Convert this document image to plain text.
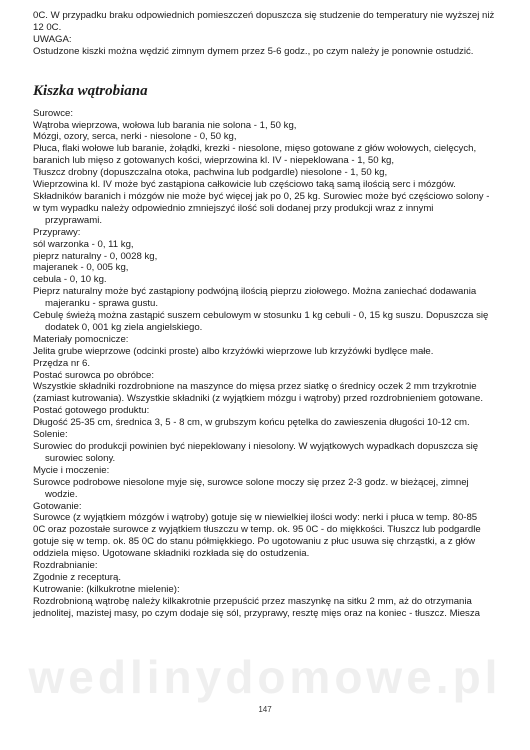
0C. W przypadku braku odpowiednich pomieszczeń dopuszcza się studzenie do temperatury nie wyższej niż

12 0C.

UWAGA:

Ostudzone kiszki można wędzić zimnym dymem przez 5-6 godz., po czym należy je ponownie ostudzić.

Kiszka wątrobiana

Surowce:

Wątroba wieprzowa, wołowa lub barania nie solona - 1, 50 kg,

Mózgi, ozory, serca, nerki - niesolone - 0, 50 kg,

Płuca, flaki wołowe lub baranie, żołądki, krezki - niesolone, mięso gotowane z głów wołowych, cielęcych,

baranich lub mięso z gotowanych kości, wieprzowina kl. IV - niepeklowana - 1, 50 kg,

Tłuszcz drobny (dopuszczalna otoka, pachwina lub podgardle) niesolone - 1, 50 kg,

Wieprzowina kl. IV może być zastąpiona całkowicie lub częściowo taką samą ilością serc i mózgów.

Składników baranich i mózgów nie może być więcej jak po 0, 25 kg. Surowiec może być częściowo solony -

w tym wypadku należy odpowiednio zmniejszyć ilość soli dodanej przy produkcji wraz z innymi

przyprawami.

Przyprawy:

sól warzonka - 0, 11 kg,

pieprz naturalny - 0, 0028 kg,

majeranek - 0, 005 kg,

cebula - 0, 10 kg.

Pieprz naturalny może być zastąpiony podwójną ilością pieprzu ziołowego. Można zaniechać dodawania

majeranku - sprawa gustu.

Cebulę świeżą można zastąpić suszem cebulowym w stosunku 1 kg cebuli - 0, 15 kg suszu. Dopuszcza się

dodatek 0, 001 kg ziela angielskiego.

Materiały pomocnicze:

Jelita grube wieprzowe (odcinki proste) albo krzyżówki wieprzowe lub krzyżówki bydlęce małe.

Przędza nr 6.

Postać surowca po obróbce:

Wszystkie składniki rozdrobnione na maszynce do mięsa przez siatkę o średnicy oczek 2 mm trzykrotnie

(zamiast kutrowania). Wszystkie składniki (z wyjątkiem mózgu i wątroby) przed rozdrobnieniem gotowane.

Postać gotowego produktu:

Długość 25-35 cm, średnica 3, 5 - 8 cm, w grubszym końcu pętelka do zawieszenia długości 10-12 cm.

Solenie:

Surowiec do produkcji powinien być niepeklowany i niesolony. W wyjątkowych wypadkach dopuszcza się

surowiec solony.

Mycie i moczenie:

Surowce podrobowe niesolone myje się, surowce solone moczy się przez 2-3 godz. w bieżącej, zimnej

wodzie.

Gotowanie:

Surowce (z wyjątkiem mózgów i wątroby) gotuje się w niewielkiej ilości wody: nerki i płuca w temp. 80-85

0C oraz pozostałe surowce z wyjątkiem tłuszczu w temp. ok. 95 0C - do miękkości. Tłuszcz lub podgardle

gotuje się w temp. ok. 85 0C do stanu półmiękkiego. Po ugotowaniu z płuc usuwa się chrząstki, a z głów

oddziela mięso. Ugotowane składniki rozkłada się do ostudzenia.

Rozdrabnianie:

Zgodnie z recepturą.

Kutrowanie: (kilkukrotne mielenie):

Rozdrobnioną wątrobę należy kilkakrotnie przepuścić przez maszynkę na sitku 2 mm, aż do otrzymania

jednolitej, mazistej masy, po czym dodaje się sól, przyprawy, resztę mięs oraz na koniec - tłuszcz. Miesza

wedlinydomowe.pl
147
